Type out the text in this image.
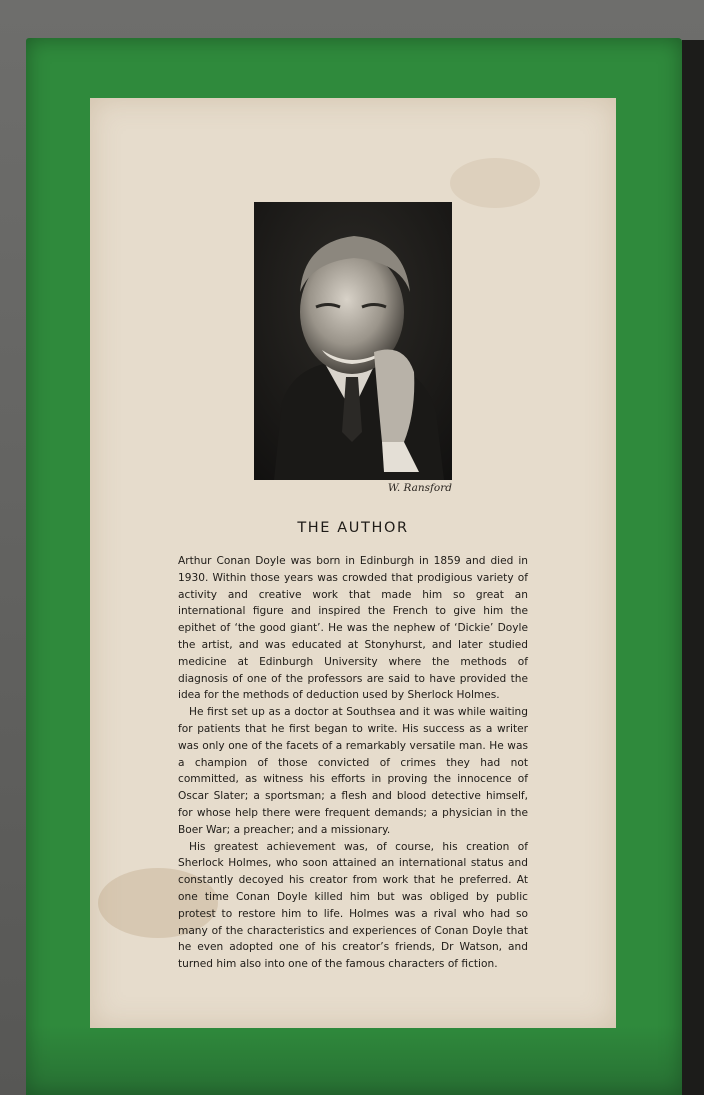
W. Ransford
THE AUTHOR

Arthur Conan Doyle was born in Edinburgh in 1859 and died in 1930. Within those years was crowded that prodigious variety of activity and creative work that made him so great an international figure and inspired the French to give him the epithet of ‘the good giant’. He was the nephew of ‘Dickie’ Doyle the artist, and was educated at Stonyhurst, and later studied medicine at Edinburgh University where the methods of diagnosis of one of the professors are said to have provided the idea for the methods of deduction used by Sherlock Holmes.

He first set up as a doctor at Southsea and it was while waiting for patients that he first began to write. His success as a writer was only one of the facets of a remarkably versatile man. He was a champion of those convicted of crimes they had not committed, as witness his efforts in proving the innocence of Oscar Slater; a sportsman; a flesh and blood detective himself, for whose help there were frequent demands; a physician in the Boer War; a preacher; and a missionary.

His greatest achievement was, of course, his creation of Sherlock Holmes, who soon attained an international status and constantly decoyed his creator from work that he preferred. At one time Conan Doyle killed him but was obliged by public protest to restore him to life. Holmes was a rival who had so many of the characteristics and experiences of Conan Doyle that he even adopted one of his creator’s friends, Dr Watson, and turned him also into one of the famous characters of fiction.
